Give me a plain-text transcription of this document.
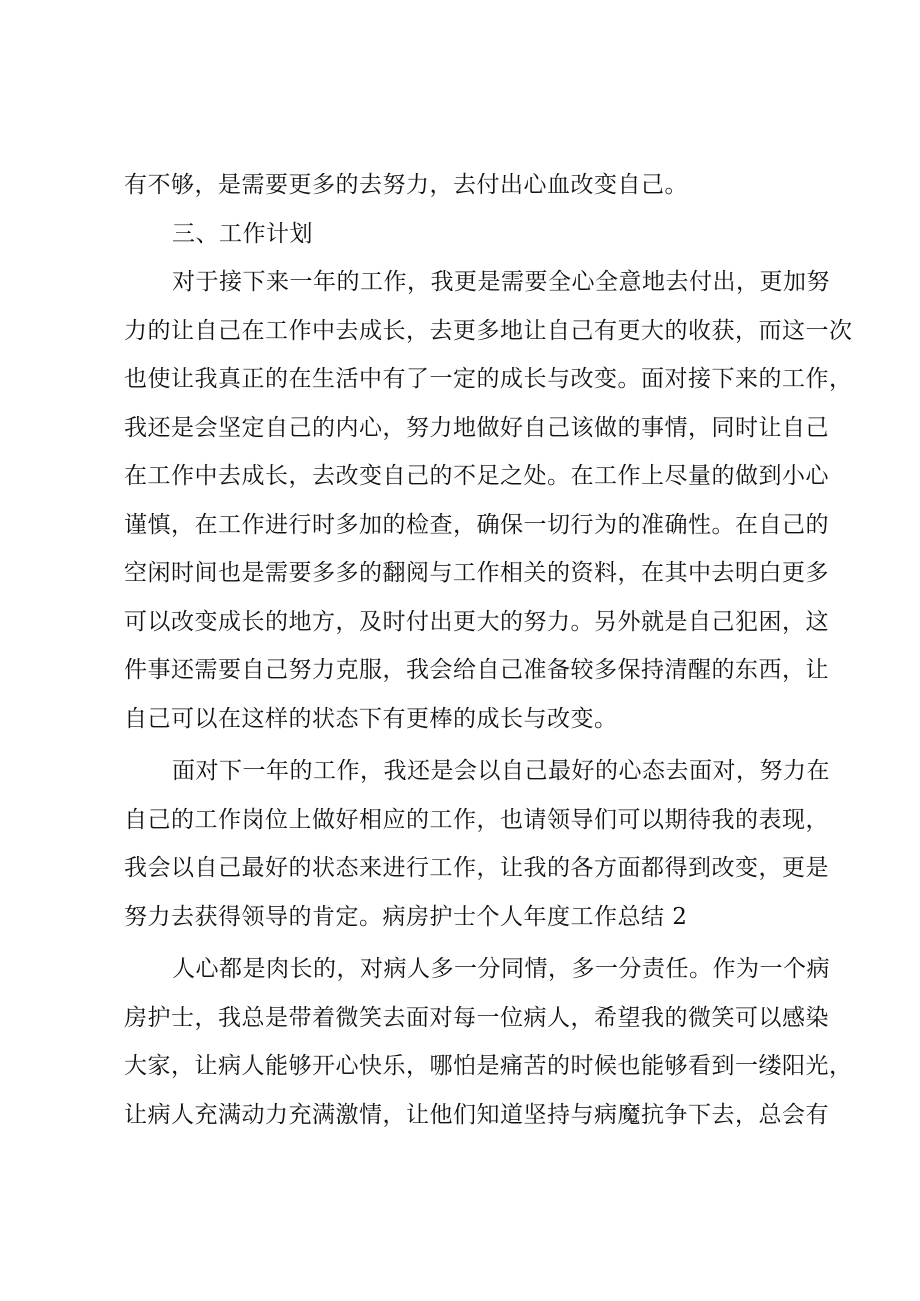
有不够，是需要更多的去努力，去付出心血改变自己。
三、工作计划
对于接下来一年的工作，我更是需要全心全意地去付出，更加努
力的让自己在工作中去成长，去更多地让自己有更大的收获，而这一次
也使让我真正的在生活中有了一定的成长与改变。面对接下来的工作，
我还是会坚定自己的内心，努力地做好自己该做的事情，同时让自己
在工作中去成长，去改变自己的不足之处。在工作上尽量的做到小心
谨慎，在工作进行时多加的检查，确保一切行为的准确性。在自己的
空闲时间也是需要多多的翻阅与工作相关的资料，在其中去明白更多
可以改变成长的地方，及时付出更大的努力。另外就是自己犯困，这
件事还需要自己努力克服，我会给自己准备较多保持清醒的东西，让
自己可以在这样的状态下有更棒的成长与改变。
面对下一年的工作，我还是会以自己最好的心态去面对，努力在
自己的工作岗位上做好相应的工作，也请领导们可以期待我的表现，
我会以自己最好的状态来进行工作，让我的各方面都得到改变，更是
努力去获得领导的肯定。病房护士个人年度工作总结 2
人心都是肉长的，对病人多一分同情，多一分责任。作为一个病
房护士，我总是带着微笑去面对每一位病人，希望我的微笑可以感染
大家，让病人能够开心快乐，哪怕是痛苦的时候也能够看到一缕阳光，
让病人充满动力充满激情，让他们知道坚持与病魔抗争下去，总会有
